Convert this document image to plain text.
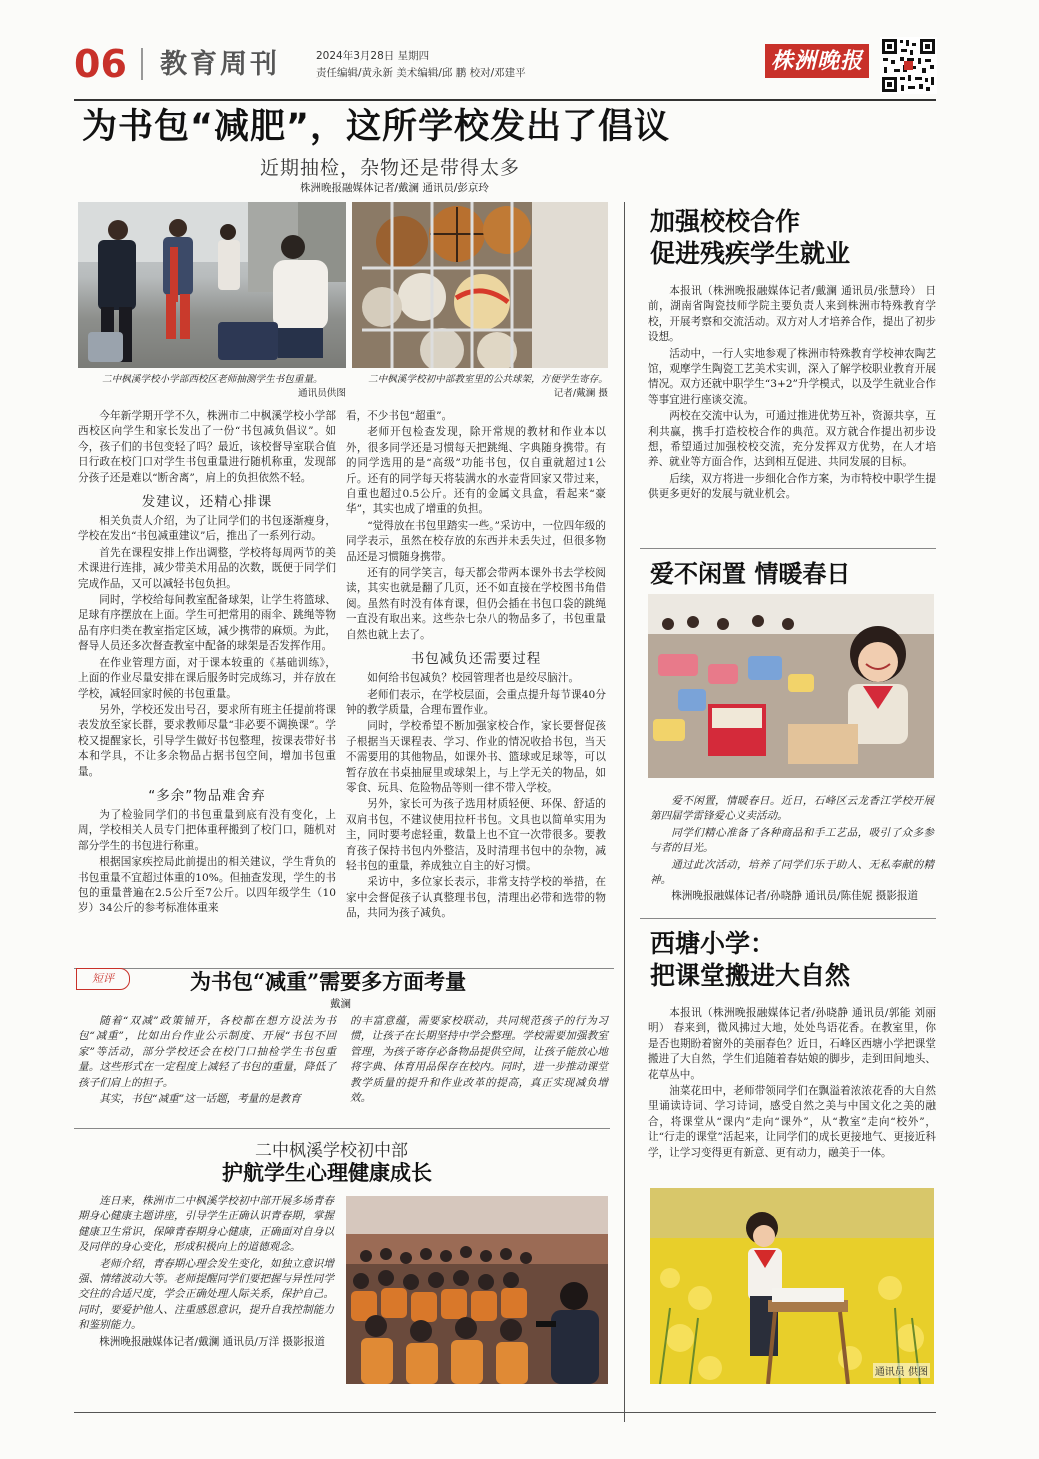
06 教育周刊	2024年3月28日 星期四
责任编辑/黄永新 美术编辑/邱 鹏 校对/邓建平	株洲晚报
为书包“减肥”，这所学校发出了倡议
近期抽检，杂物还是带得太多
株洲晚报融媒体记者/戴澜 通讯员/彭京玲
二中枫溪学校小学部西校区老师抽测学生书包重量。
通讯员供图
二中枫溪学校初中部教室里的公共球架，方便学生寄存。
记者/戴澜 摄

今年新学期开学不久，株洲市二中枫溪学校小学部西校区向学生和家长发出了一份“书包减负倡议”。如今，孩子们的书包变轻了吗？最近，该校督导室联合值日行政在校门口对学生书包重量进行随机称重，发现部分孩子还是难以“断舍离”，肩上的负担依然不轻。

发建议，还精心排课

相关负责人介绍，为了让同学们的书包逐渐瘦身，学校在发出“书包减重建议”后，推出了一系列行动。

首先在课程安排上作出调整，学校将每周两节的美术课进行连排，减少带美术用品的次数，既便于同学们完成作品，又可以减轻书包负担。

同时，学校给每间教室配备球架，让学生将篮球、足球有序摆放在上面。学生可把常用的雨伞、跳绳等物品有序归类在教室指定区域，减少携带的麻烦。为此，督导人员还多次督查教室中配备的球架是否发挥作用。

在作业管理方面，对于课本较重的《基础训练》，上面的作业尽量安排在课后服务时完成练习，并存放在学校，减轻回家时候的书包重量。

另外，学校还发出号召，要求所有班主任提前将课表发放至家长群，要求教师尽量“非必要不调换课”。学校又提醒家长，引导学生做好书包整理，按课表带好书本和学具，不让多余物品占据书包空间，增加书包重量。

“多余”物品难舍弃

为了检验同学们的书包重量到底有没有变化，上周，学校相关人员专门把体重秤搬到了校门口，随机对部分学生的书包进行称重。

根据国家疾控局此前提出的相关建议，学生背负的书包重量不宜超过体重的10%。但抽查发现，学生的书包的重量普遍在2.5公斤至7公斤。以四年级学生（10岁）34公斤的参考标准体重来

看，不少书包“超重”。

老师开包检查发现，除开常规的教材和作业本以外，很多同学还是习惯每天把跳绳、字典随身携带。有的同学选用的是“高级”功能书包，仅自重就超过1公斤。还有的同学每天将装满水的水壶背回家又带过来，自重也超过0.5公斤。还有的金属文具盒，看起来“豪华”，其实也成了增重的负担。

“觉得放在书包里踏实一些。”采访中，一位四年级的同学表示，虽然在校存放的东西并未丢失过，但很多物品还是习惯随身携带。

还有的同学笑言，每天都会带两本课外书去学校阅读，其实也就是翻了几页，还不如直接在学校图书角借阅。虽然有时没有体育课，但仍会插在书包口袋的跳绳一直没有取出来。这些杂七杂八的物品多了，书包重量自然也就上去了。

书包减负还需要过程

如何给书包减负？校园管理者也是绞尽脑汁。

老师们表示，在学校层面，会重点提升每节课40分钟的教学质量，合理布置作业。

同时，学校希望不断加强家校合作，家长要督促孩子根据当天课程表、学习、作业的情况收拾书包，当天不需要用的其他物品，如课外书、篮球或足球等，可以暂存放在书桌抽屉里或球架上，与上学无关的物品，如零食、玩具、危险物品等则一律不带入学校。

另外，家长可为孩子选用材质轻便、环保、舒适的双肩书包，不建议使用拉杆书包。文具也以简单实用为主，同时要考虑轻重，数量上也不宜一次带很多。要教育孩子保持书包内外整洁，及时清理书包中的杂物，减轻书包的重量，养成独立自主的好习惯。

采访中，多位家长表示，非常支持学校的举措，在家中会督促孩子认真整理书包，清理出必带和选带的物品，共同为孩子减负。

短评	为书包“减重”需要多方面考量
戴澜

随着“双减”政策铺开，各校都在想方设法为书包“减重”，比如出台作业公示制度、开展“书包不回家”等活动，部分学校还会在校门口抽检学生书包重量。这些形式在一定程度上减轻了书包的重量，降低了孩子们肩上的担子。

其实，书包“减重”这一话题，考量的是教育

的丰富意蕴，需要家校联动，共同规范孩子的行为习惯，让孩子在长期坚持中学会整理。学校需要加强教室管理，为孩子寄存必备物品提供空间，让孩子能放心地将字典、体育用品保存在校内。同时，进一步推动课堂教学质量的提升和作业改革的提高，真正实现减负增效。

二中枫溪学校初中部
护航学生心理健康成长

连日来，株洲市二中枫溪学校初中部开展多场青春期身心健康主题讲座，引导学生正确认识青春期，掌握健康卫生常识，保障青春期身心健康，正确面对自身以及同伴的身心变化，形成积极向上的道德观念。

老师介绍，青春期心理会发生变化，如独立意识增强、情绪波动大等。老师提醒同学们要把握与异性同学交往的合适尺度，学会正确处理人际关系，保护自己。同时，要爱护他人、注重感恩意识，提升自我控制能力和鉴别能力。

株洲晚报融媒体记者/戴澜 通讯员/万洋 摄影报道

加强校校合作
促进残疾学生就业

本报讯（株洲晚报融媒体记者/戴澜 通讯员/张慧玲） 日前，湖南省陶瓷技师学院主要负责人来到株洲市特殊教育学校，开展考察和交流活动。双方对人才培养合作，提出了初步设想。

活动中，一行人实地参观了株洲市特殊教育学校神农陶艺馆，观摩学生陶瓷工艺美术实训，深入了解学校职业教育开展情况。双方还就中职学生“3+2”升学模式，以及学生就业合作等事宜进行座谈交流。

两校在交流中认为，可通过推进优势互补，资源共享，互利共赢，携手打造校校合作的典范。双方就合作提出初步设想，希望通过加强校校交流，充分发挥双方优势，在人才培养、就业等方面合作，达到相互促进、共同发展的目标。

后续，双方将进一步细化合作方案，为市特校中职学生提供更多更好的发展与就业机会。

爱不闲置 情暖春日

爱不闲置，情暖春日。近日，石峰区云龙香江学校开展第四届学雷锋爱心义卖活动。

同学们精心准备了各种商品和手工艺品，吸引了众多参与者的目光。

通过此次活动，培养了同学们乐于助人、无私奉献的精神。

株洲晚报融媒体记者/孙晓静 通讯员/陈佳妮 摄影报道

西塘小学：
把课堂搬进大自然

本报讯（株洲晚报融媒体记者/孙晓静 通讯员/郭能 刘丽明） 春来到，微风拂过大地，处处鸟语花香。在教室里，你是否也期盼着窗外的美丽春色？近日，石峰区西塘小学把课堂搬进了大自然，学生们追随着春姑娘的脚步，走到田间地头、花草丛中。

油菜花田中，老师带领同学们在飘溢着浓浓花香的大自然里诵读诗词、学习诗词，感受自然之美与中国文化之美的融合，将课堂从“课内”走向“课外”，从“教室”走向“校外”，让“行走的课堂”活起来，让同学们的成长更接地气、更接近科学，让学习变得更有新意、更有动力，融美于一体。

通讯员 供图
